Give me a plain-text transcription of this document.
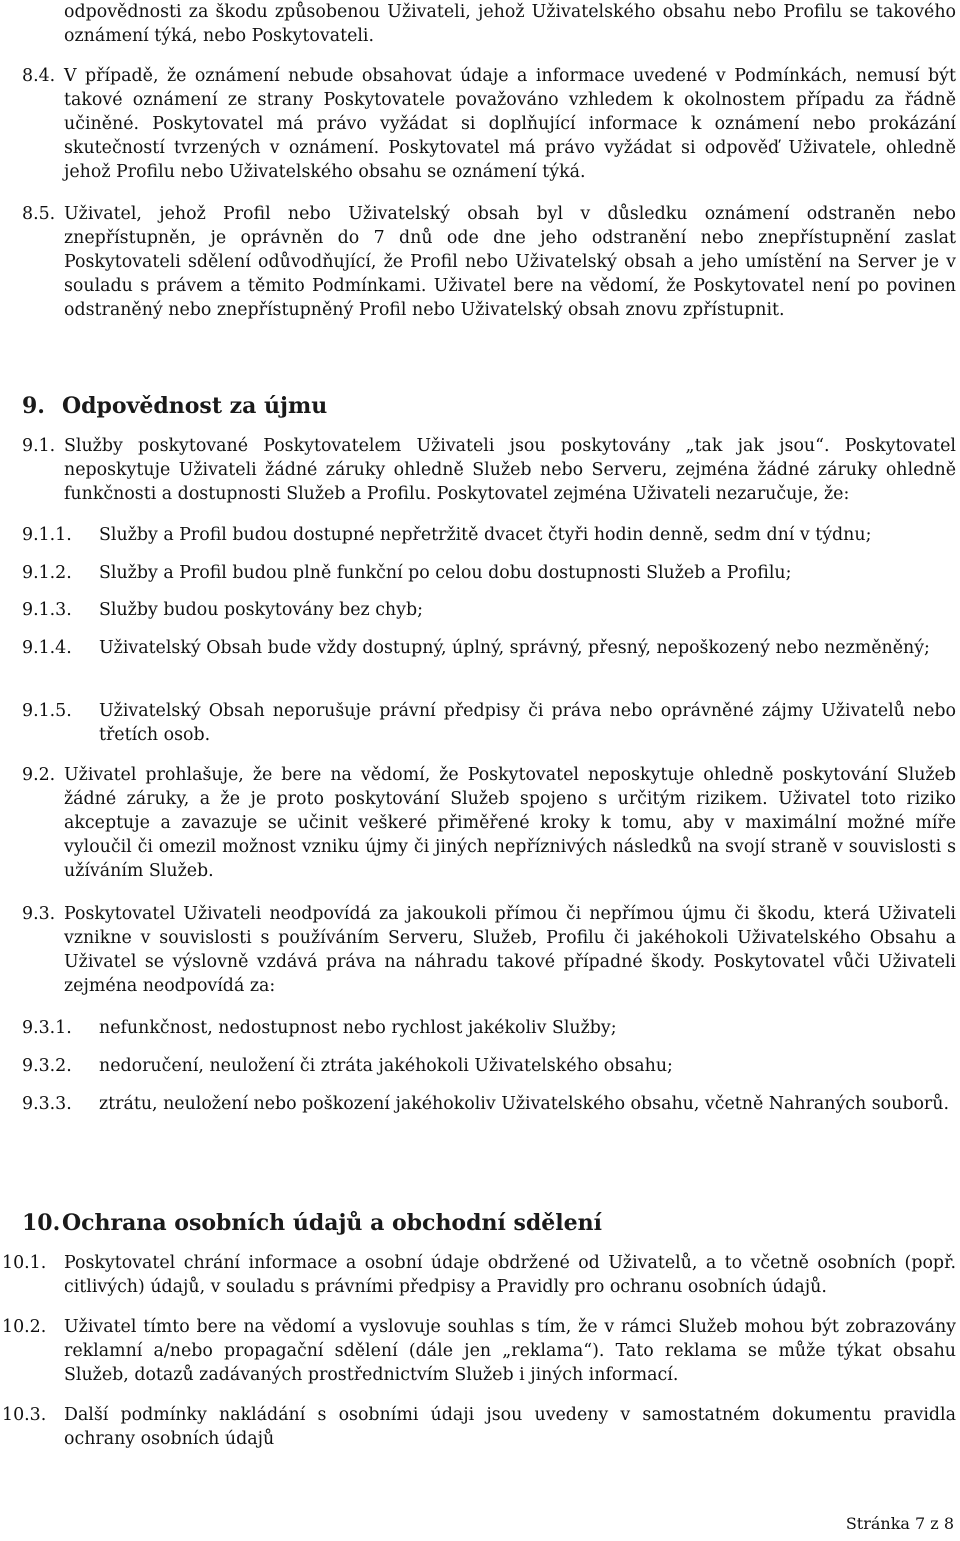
odpovědnosti za škodu způsobenou Uživateli, jehož Uživatelského obsahu nebo Profilu se takového oznámení týká, nebo Poskytovateli.

8.4. V případě, že oznámení nebude obsahovat údaje a informace uvedené v Podmínkách, nemusí být takové oznámení ze strany Poskytovatele považováno vzhledem k okolnostem případu za řádně učiněné. Poskytovatel má právo vyžádat si doplňující informace k oznámení nebo prokázání skutečností tvrzených v oznámení. Poskytovatel má právo vyžádat si odpověď Uživatele, ohledně jehož Profilu nebo Uživatelského obsahu se oznámení týká.

8.5. Uživatel, jehož Profil nebo Uživatelský obsah byl v důsledku oznámení odstraněn nebo znepřístupněn, je oprávněn do 7 dnů ode dne jeho odstranění nebo znepřístupnění zaslat Poskytovateli sdělení odůvodňující, že Profil nebo Uživatelský obsah a jeho umístění na Server je v souladu s právem a těmito Podmínkami. Uživatel bere na vědomí, že Poskytovatel není po povinen odstraněný nebo znepřístupněný Profil nebo Uživatelský obsah znovu zpřístupnit.

9. Odpovědnost za újmu
9.1. Služby poskytované Poskytovatelem Uživateli jsou poskytovány „tak jak jsou“. Poskytovatel neposkytuje Uživateli žádné záruky ohledně Služeb nebo Serveru, zejména žádné záruky ohledně funkčnosti a dostupnosti Služeb a Profilu. Poskytovatel zejména Uživateli nezaručuje, že:

9.1.1. Služby a Profil budou dostupné nepřetržitě dvacet čtyři hodin denně, sedm dní v týdnu;
9.1.2. Služby a Profil budou plně funkční po celou dobu dostupnosti Služeb a Profilu;
9.1.3. Služby budou poskytovány bez chyb;
9.1.4. Uživatelský Obsah bude vždy dostupný, úplný, správný, přesný, nepoškozený nebo nezměněný;
9.1.5. Uživatelský Obsah neporušuje právní předpisy či práva nebo oprávněné zájmy Uživatelů nebo třetích osob.
9.2. Uživatel prohlašuje, že bere na vědomí, že Poskytovatel neposkytuje ohledně poskytování Služeb žádné záruky, a že je proto poskytování Služeb spojeno s určitým rizikem. Uživatel toto riziko akceptuje a zavazuje se učinit veškeré přiměřené kroky k tomu, aby v maximální možné míře vyloučil či omezil možnost vzniku újmy či jiných nepříznivých následků na svojí straně v souvislosti s užíváním Služeb.

9.3. Poskytovatel Uživateli neodpovídá za jakoukoli přímou či nepřímou újmu či škodu, která Uživateli vznikne v souvislosti s používáním Serveru, Služeb, Profilu či jakéhokoli Uživatelského Obsahu a Uživatel se výslovně vzdává práva na náhradu takové případné škody. Poskytovatel vůči Uživateli zejména neodpovídá za:

9.3.1. nefunkčnost, nedostupnost nebo rychlost jakékoliv Služby;
9.3.2. nedoručení, neuložení či ztráta jakéhokoli Uživatelského obsahu;
9.3.3. ztrátu, neuložení nebo poškození jakéhokoliv Uživatelského obsahu, včetně Nahraných souborů.
10. Ochrana osobních údajů a obchodní sdělení
10.1. Poskytovatel chrání informace a osobní údaje obdržené od Uživatelů, a to včetně osobních (popř. citlivých) údajů, v souladu s právními předpisy a Pravidly pro ochranu osobních údajů.

10.2. Uživatel tímto bere na vědomí a vyslovuje souhlas s tím, že v rámci Služeb mohou být zobrazovány reklamní a/nebo propagační sdělení (dále jen „reklama“). Tato reklama se může týkat obsahu Služeb, dotazů zadávaných prostřednictvím Služeb i jiných informací.

10.3. Další podmínky nakládání s osobními údaji jsou uvedeny v samostatném dokumentu pravidla ochrany osobních údajů

Stránka 7 z 8
